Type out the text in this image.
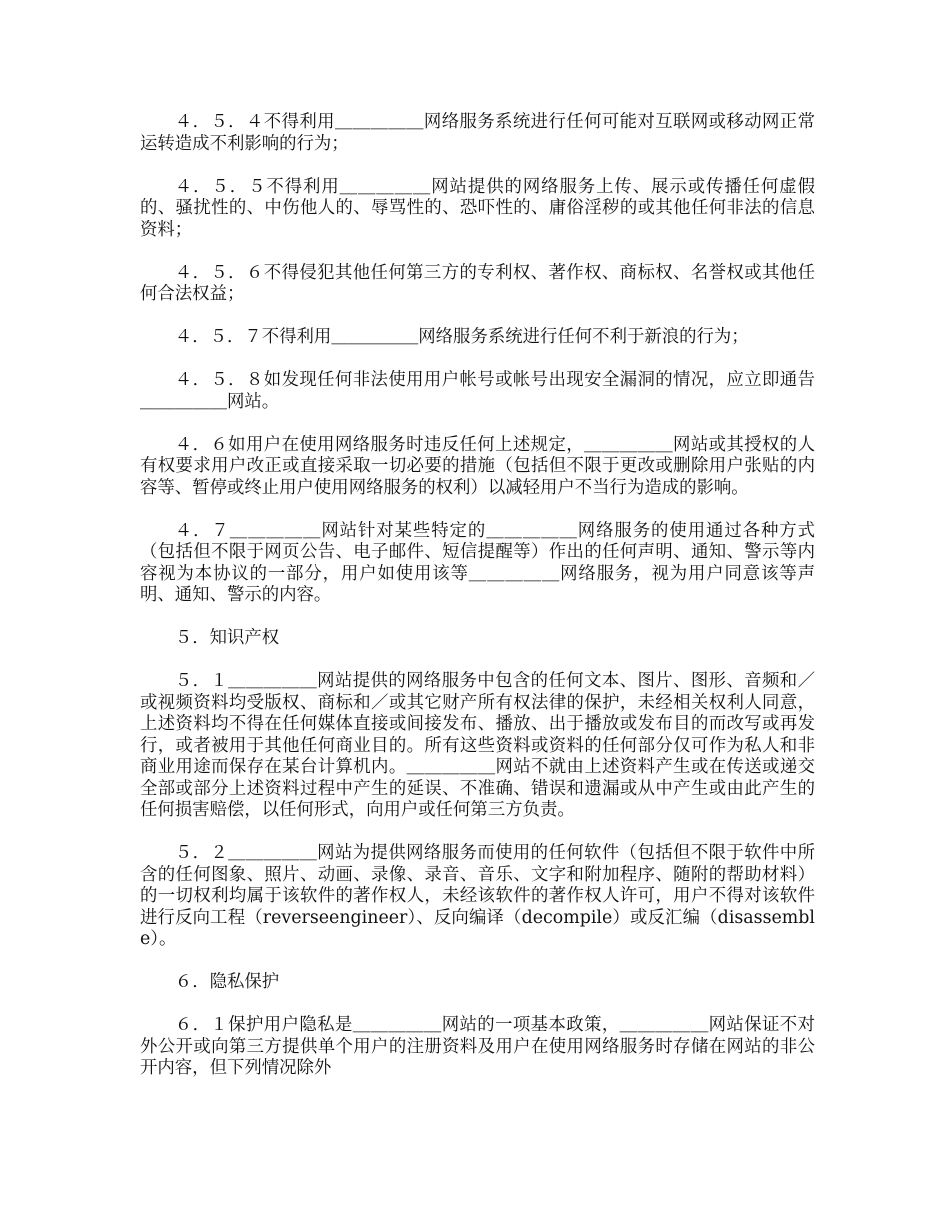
４．５．４不得利用＿＿＿＿＿网络服务系统进行任何可能对互联网或移动网正常运转造成不利影响的行为；

４．５．５不得利用＿＿＿＿＿网站提供的网络服务上传、展示或传播任何虚假的、骚扰性的、中伤他人的、辱骂性的、恐吓性的、庸俗淫秽的或其他任何非法的信息资料；

４．５．６不得侵犯其他任何第三方的专利权、著作权、商标权、名誉权或其他任何合法权益；

４．５．７不得利用＿＿＿＿＿网络服务系统进行任何不利于新浪的行为；

４．５．８如发现任何非法使用用户帐号或帐号出现安全漏洞的情况，应立即通告＿＿＿＿＿网站。

４．６如用户在使用网络服务时违反任何上述规定，＿＿＿＿＿网站或其授权的人有权要求用户改正或直接采取一切必要的措施（包括但不限于更改或删除用户张贴的内容等、暂停或终止用户使用网络服务的权利）以减轻用户不当行为造成的影响。

４．７＿＿＿＿＿网站针对某些特定的＿＿＿＿＿网络服务的使用通过各种方式（包括但不限于网页公告、电子邮件、短信提醒等）作出的任何声明、通知、警示等内容视为本协议的一部分，用户如使用该等＿＿＿＿＿网络服务，视为用户同意该等声明、通知、警示的内容。

５．知识产权

５．１＿＿＿＿＿网站提供的网络服务中包含的任何文本、图片、图形、音频和／或视频资料均受版权、商标和／或其它财产所有权法律的保护，未经相关权利人同意，上述资料均不得在任何媒体直接或间接发布、播放、出于播放或发布目的而改写或再发行，或者被用于其他任何商业目的。所有这些资料或资料的任何部分仅可作为私人和非商业用途而保存在某台计算机内。＿＿＿＿＿网站不就由上述资料产生或在传送或递交全部或部分上述资料过程中产生的延误、不准确、错误和遗漏或从中产生或由此产生的任何损害赔偿，以任何形式，向用户或任何第三方负责。

５．２＿＿＿＿＿网站为提供网络服务而使用的任何软件（包括但不限于软件中所含的任何图象、照片、动画、录像、录音、音乐、文字和附加程序、随附的帮助材料）的一切权利均属于该软件的著作权人，未经该软件的著作权人许可，用户不得对该软件进行反向工程（reverseengineer）、反向编译（decompile）或反汇编（disassemble）。

６．隐私保护

６．１保护用户隐私是＿＿＿＿＿网站的一项基本政策，＿＿＿＿＿网站保证不对外公开或向第三方提供单个用户的注册资料及用户在使用网络服务时存储在网站的非公开内容，但下列情况除外
